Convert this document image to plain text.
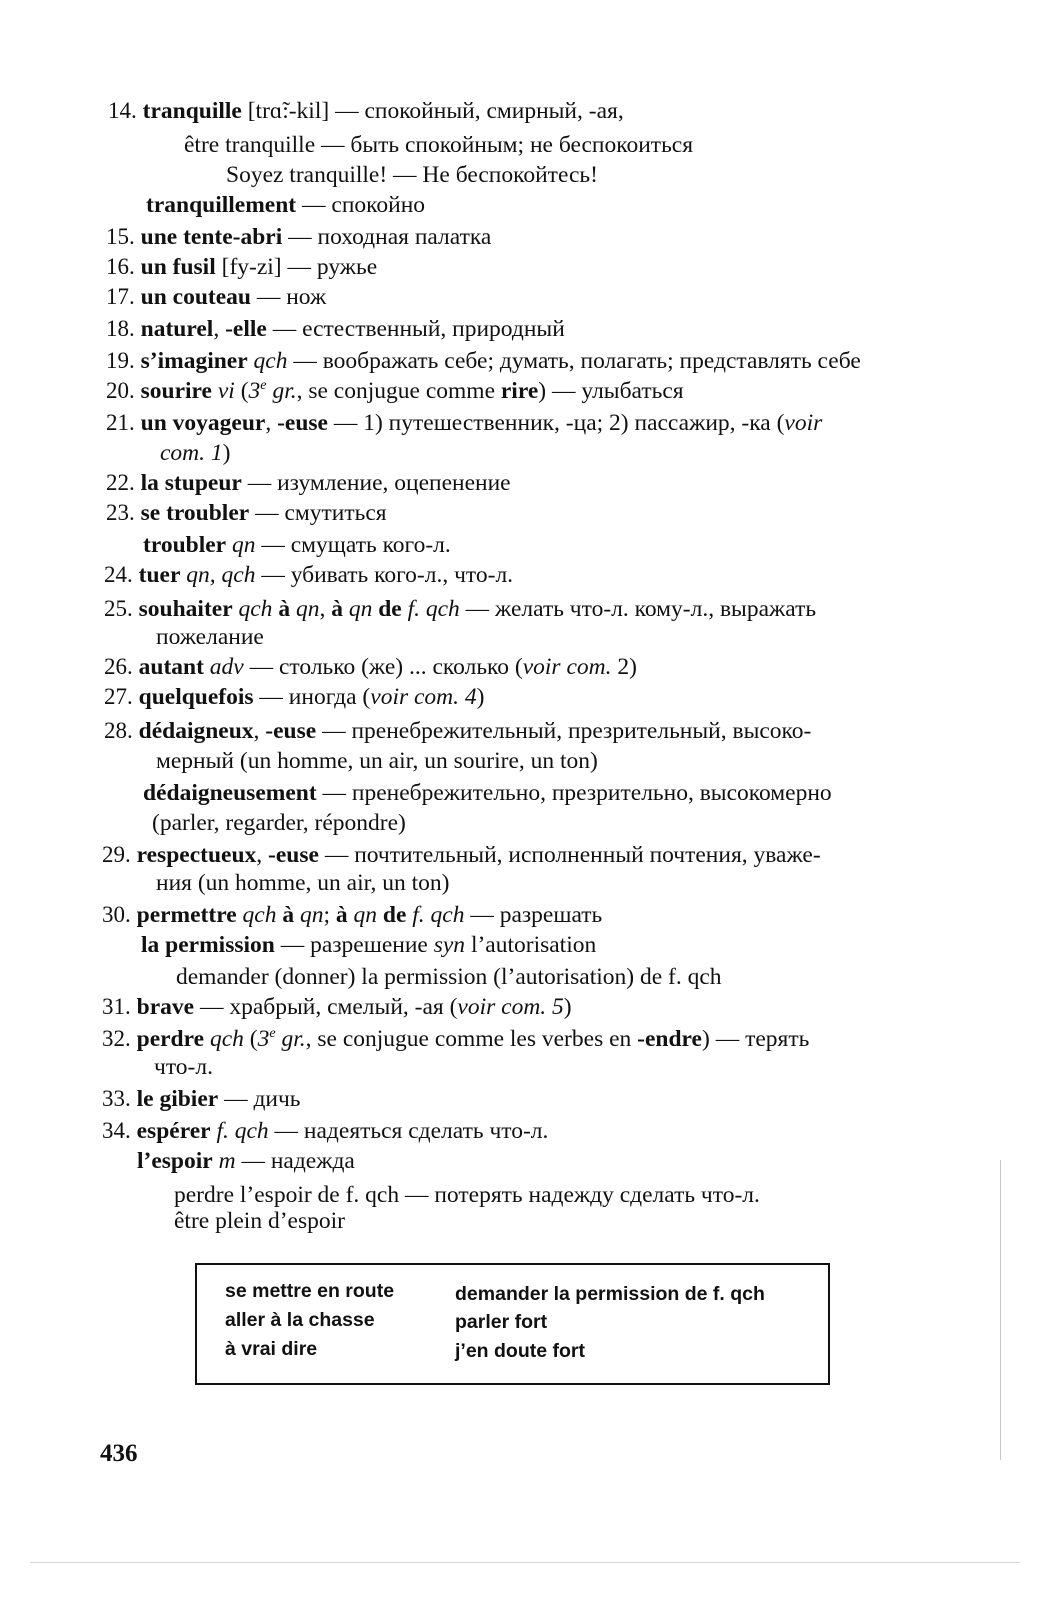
14. tranquille [trɑ̃:-kil] — спокойный, смирный, -ая,
être tranquille — быть спокойным; не беспокоиться
Soyez tranquille! — Не беспокойтесь!
tranquillement — спокойно
15. une tente-abri — походная палатка
16. un fusil [fy-zi] — ружье
17. un couteau — нож
18. naturel, -elle — естественный, природный
19. s’imaginer qch — воображать себе; думать, полагать; представлять себе
20. sourire vi (3e gr., se conjugue comme rire) — улыбаться
21. un voyageur, -euse — 1) путешественник, -ца; 2) пассажир, -ка (voir
com. 1)
22. la stupeur — изумление, оцепенение
23. se troubler — смутиться
troubler qn — смущать кого-л.
24. tuer qn, qch — убивать кого-л., что-л.
25. souhaiter qch à qn, à qn de f. qch — желать что-л. кому-л., выражать
пожелание
26. autant adv — столько (же) ... сколько (voir com. 2)
27. quelquefois — иногда (voir com. 4)
28. dédaigneux, -euse — пренебрежительный, презрительный, высоко-
мерный (un homme, un air, un sourire, un ton)
dédaigneusement — пренебрежительно, презрительно, высокомерно
(parler, regarder, répondre)
29. respectueux, -euse — почтительный, исполненный почтения, уваже-
ния (un homme, un air, un ton)
30. permettre qch à qn; à qn de f. qch — разрешать
la permission — разрешение syn l’autorisation
demander (donner) la permission (l’autorisation) de f. qch
31. brave — храбрый, смелый, -ая (voir com. 5)
32. perdre qch (3e gr., se conjugue comme les verbes en -endre) — терять
что-л.
33. le gibier — дичь
34. espérer f. qch — надеяться сделать что-л.
l’espoir m — надежда
perdre l’espoir de f. qch — потерять надежду сделать что-л.
être plein d’espoir
se mettre en route
aller à la chasse
à vrai dire
demander la permission de f. qch
parler fort
j’en doute fort
436
